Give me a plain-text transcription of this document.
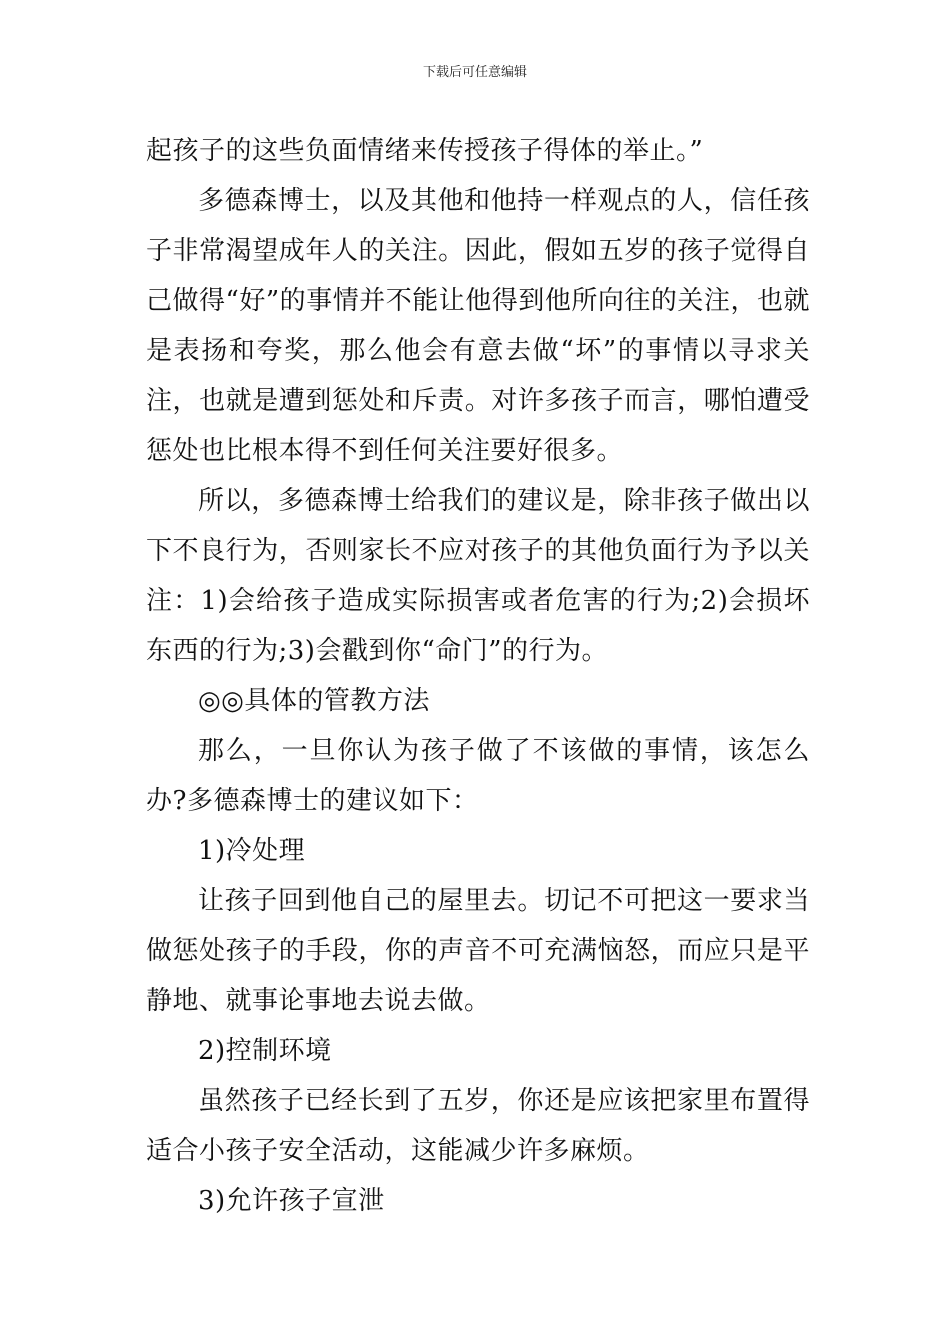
下载后可任意编辑

起孩子的这些负面情绪来传授孩子得体的举止。”

多德森博士，以及其他和他持一样观点的人，信任孩子非常渴望成年人的关注。因此，假如五岁的孩子觉得自己做得“好”的事情并不能让他得到他所向往的关注，也就是表扬和夸奖，那么他会有意去做“坏”的事情以寻求关注，也就是遭到惩处和斥责。对许多孩子而言，哪怕遭受惩处也比根本得不到任何关注要好很多。

所以，多德森博士给我们的建议是，除非孩子做出以下不良行为，否则家长不应对孩子的其他负面行为予以关注：1)会给孩子造成实际损害或者危害的行为;2)会损坏东西的行为;3)会戳到你“命门”的行为。

◎◎具体的管教方法

那么，一旦你认为孩子做了不该做的事情，该怎么办?多德森博士的建议如下：

1)冷处理

让孩子回到他自己的屋里去。切记不可把这一要求当做惩处孩子的手段，你的声音不可充满恼怒，而应只是平静地、就事论事地去说去做。

2)控制环境

虽然孩子已经长到了五岁，你还是应该把家里布置得适合小孩子安全活动，这能减少许多麻烦。

3)允许孩子宣泄
